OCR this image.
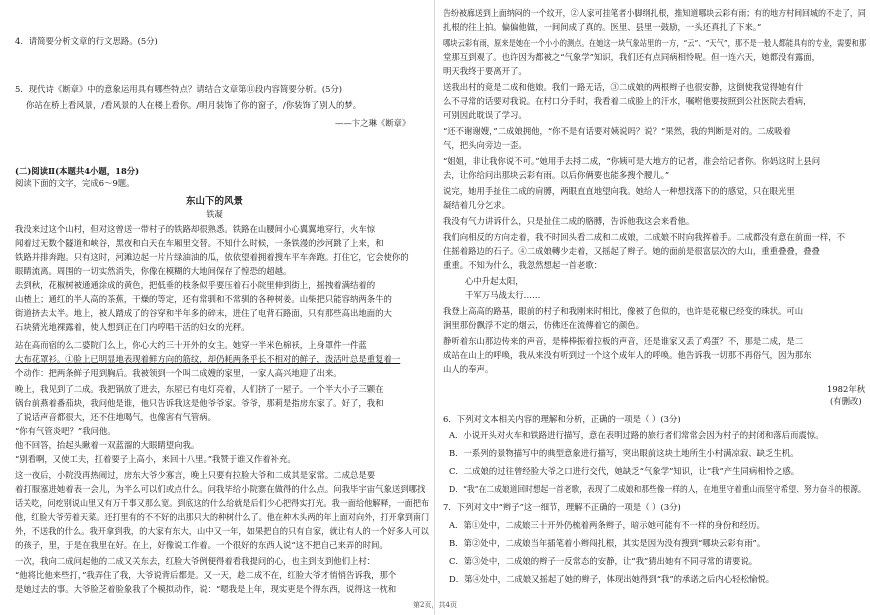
4．请简要分析文章的行文思路。(5分)
5．现代诗《断章》中的意象运用具有哪些特点？请结合文章第⑪段内容简要分析。(5分)
你站在桥上看风景，/看风景的人在楼上看你。/明月装饰了你的窗子，/你装饰了别人的梦。
——卞之琳《断章》
(二)阅读Ⅱ(本题共4小题，18分)
阅读下面的文字，完成6～9题。
东山下的风景
铁凝
我没来过这个山村，但对这曾送一带村子的铁路却很熟悉。铁路在山腰间小心翼翼地穿行，火车惊
闻着过无数个隧道和峡谷，黑夜和白天在车厢里交替。不知什么时候，一条铁漫的沙河跳了上来，和
铁路并排奔跑。只有这时，河滩边起一片片绿油油的瓜，依依望着拥着搜车平车奔跑。打住它，它会使你的
眼睛流离。周围的一切实然消失，你像在模糊的大地间保存了惶恐的超越。
去到秋，花椒树被通通涂成的黄色，把低垂的枝条似乎要压着石小院里伸到街上，摇拽着满结着的
山楂上；通红的半人高的茶蕉，干燥的等定，还有常驯和不常驯的各种树姜。山柴把只能容纳两条牛的
街道挤去太半。地上，被人踏成了的谷穿和半年多的碎末，进住了电背石路面，只有那些高出地面的大
石块猜光地裸露着，使人想到正在门内哼唱干活的妇女的光秤。
站在高而宿的么二婆院门么上，你心大约三十开外的女主。她穿一半米色棉袄，上身罩件一件蓝
大布花罩衫。①脸上已明显地表现着鲜方向的筋纹，却仍耗两条乎长不相对的鲜子，泼活叶总是重复着一
个动作：把两条鲜子甩到胸后。我被领到一个叫二成嫂的家里，一家人高兴地迎了出来。
晚上，我见到了二成。我把锅放了进去，东屋已有电灯亮着，人们挤了一屋子。一个半大小子三颗在
锅台前燕着番茄块，我问他是谁，他只告诉我这是他爷爷家。爷爷，那莉是指房东家了。好了，我和
了说话声音都很大，还不住地喝气，也像害有气管病。
“你有气管炎吧？”我问他。
他不回答，抬起头瞅着一双蓝溜的大眼睛望向我。
“别看啊，又使工夫，扛着要子上高小，来回十八里。”我赞于谁又作着补充。
这一夜后，小院没再热闹过，房东大爷少寡言，晚上只要有拉脸大爷和二成其是家常。二成总是要
着打服塞进她着表一会儿，为半么可以们或点什么。问我毕给小院寨在做得的什么点。问我毕宇宙气象送到哪找
话关吃，问疙别说山里又有万千事又那么宽。到底这的什么给就是后们少心把得实打光。我一面给他解释，一面把布
他，红脸大爷劳着天菜。还打里有的不不好的出那只大的种树什么了。他在种木头两的年上面对向外，打开拿到南门
外，不送我的什么。我开拿到我，的大家有东大，山中又一年，如果把自的只有自家，就让有人的一个好多人可以
的孩子，里，于是在我里在好。在上，好像说工作着。一个很好的东西人说“这不把自己来弄的时间。
一次，我向二成问起他的二成又关东去，红脸大爷例便得着看我提问的心，也主到支到他们上村：
“他将比他来些打，”我弄住了我，大爷说背后都是。又一天，趁二成不在，红脸大爷才悄悄告诉我，那个
是她过去的事。大爷脸芝着脸象我了个模拟动作，说：“嗯我是上年，现实更是个得东西，说得这一枕和
告纷被廊送到上面纳闷的一个纹开，②人家可挂笔者小脚纲扎根，推知道哪块云彩有雨；有的地方村间回城的不走了，同
扎根的往上拍。偏偏他做，一间间成了真的。医里、县里一鼓励，一头还真扎了下来。”
哪块云彩有雨，原来是她在一个小小的测点。在她这一块气象站里的一方，“云”、“天气”，那不是一般人都能具有的专业，需要和那
堂那互到观了。也许因为都被之“气象学”知识，我们还有点同病相怜呢。但一连六天，她都没有露面，
明天我终于要离开了。
送我出村的竟是二成和他娘。我们一路无话，③二成娘的两根辫子也很安静，这倒使我觉得她有什
么不寻常的话要对我说。在村口分手时，我看着二成脸上的汗水，嘱咐他要按照到公社医院去看病，
可别因此耽误了学习。
“还不谢谢嫂，”二成娘拥他，“你不是有话要对姨说吗？说？”果然，我的判断是对的。二成吸着
气，把头向旁边一歪。
“姐姐，非让我你说不可。”她用手去捋二成，“你姨可是大地方的记者，准会给记者你。你妈这时上县问
去，让你给问出那块云彩有雨。以后你俩要也能多搜个腰儿。”
说完，她用手扯住二成的肩膊，两眼直直地望向我。她给人一种想找落下的的感觉，只在眼光里
凝结着几分乞求。
我没有气力讲诉什么，只是扯住二成的胳膊，告诉他我这会来看他。
我们向相反的方向走着，我不时回头看二成和二成娘，二成娘不时向我挥着手。二成都没有意在前面一样，不
住摇着路边的石子。④二成娘轉少走着，又摇起了辫子。她的面前是很富层次的大山，重重叠叠，叠叠
重重。不知为什么，我忽然想起一首老歌：
心中升起太阳，
千军万马战太行……
我登上高高的路基，眼前的村子和我刚来时相比，像被了色似的，也许是花椒已经变的珠状。可山
涧里那份飘浮不定的烟云，仿佛还在流傳着它的颜色。
静听着东山那边传来的声音，是棒棒振着拉板的声音，还是谁家又丢了鸡蛋？不，那是二成，是二
成站在山上的呼唤，我从来没有听到过一个这个成年人的呼唤。他告诉我一切那不再俗气，因为那东
山人的奉声。
1982年秋
(有删改)
6．下列对文本相关内容的理解和分析，正确的一项是（ ）(3分)
A．小说开头对火车和铁路进行描写，意在表明过路的旅行者们常常会因为村子的封闭和落后而震惊。
B．一系列的景物描写中的典型意象进行描写，突出眼前这块土地所生小村满凉寂、缺乏生机。
C．二成娘的过往曾经脸大爷之口进行交代，她缺乏“气象学”知识，让“我”产生同病相怜之感。
D．“我”在二成娘道回时想起一首老歌，表现了二成娘和那些像一样的人，在地里守着重山而坚守希望、努力奋斗的根源。
7．下列对文中“辫子”这一细节，理解不正确的一项是（ ）(3分)
A．第①处中，二成娘三十开外仍梳着两条辫子，暗示她可能有不一样的身份和经历。
B．第②处中，二成娘当年插笔着小辫闯扎根，其实是因为没有搜到“哪块云彩有雨”。
C．第③处中，二成娘的辫子一反常态的安静，让“我”猜出她有不同寻常的请要说。
D．第④处中，二成娘又摇起了她的辫子，体现出她得到“我”的承诺之后内心轻松愉悦。
第2页，共4页
